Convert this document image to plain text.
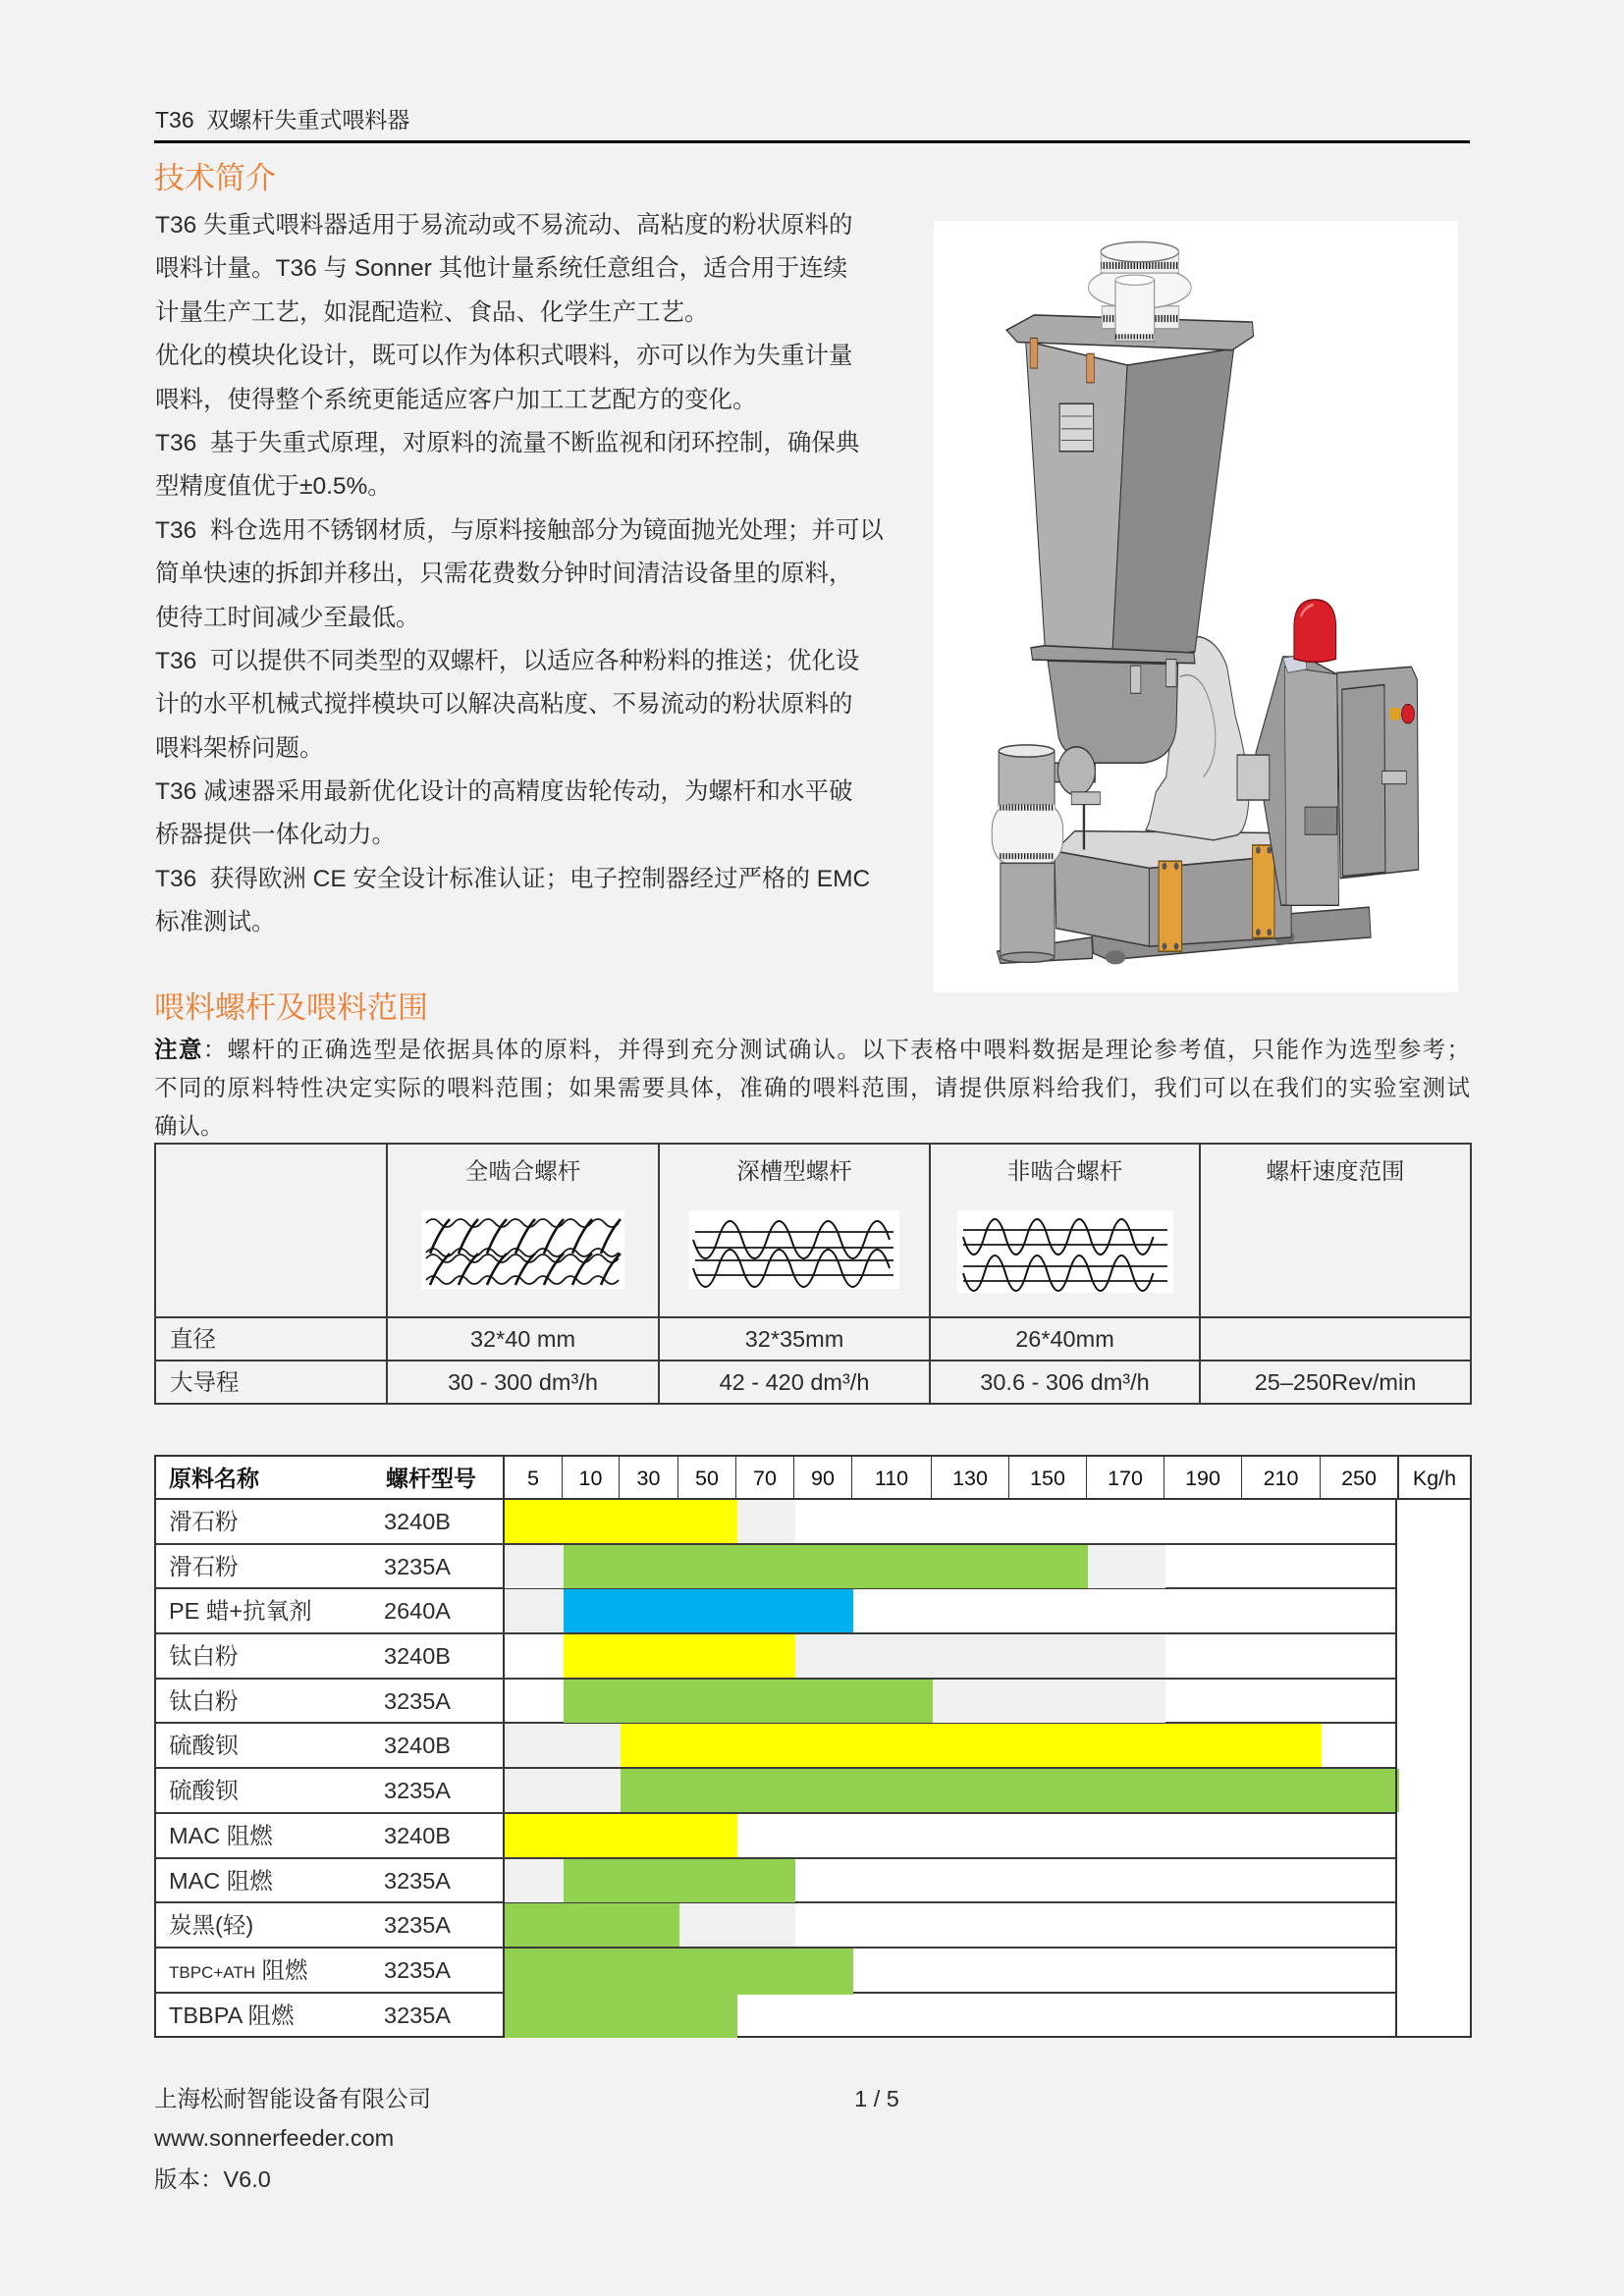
T36  双螺杆失重式喂料器
技术简介
T36 失重式喂料器适用于易流动或不易流动、高粘度的粉状原料的
喂料计量。T36 与 Sonner 其他计量系统任意组合，适合用于连续
计量生产工艺，如混配造粒、食品、化学生产工艺。
优化的模块化设计，既可以作为体积式喂料，亦可以作为失重计量
喂料，使得整个系统更能适应客户加工工艺配方的变化。
T36  基于失重式原理，对原料的流量不断监视和闭环控制，确保典
型精度值优于±0.5%。
T36  料仓选用不锈钢材质，与原料接触部分为镜面抛光处理；并可以
简单快速的拆卸并移出，只需花费数分钟时间清洁设备里的原料，
使待工时间减少至最低。
T36  可以提供不同类型的双螺杆，以适应各种粉料的推送；优化设
计的水平机械式搅拌模块可以解决高粘度、不易流动的粉状原料的
喂料架桥问题。
T36 减速器采用最新优化设计的高精度齿轮传动，为螺杆和水平破
桥器提供一体化动力。
T36  获得欧洲 CE 安全设计标准认证；电子控制器经过严格的 EMC
标准测试。
喂料螺杆及喂料范围
注意：螺杆的正确选型是依据具体的原料，并得到充分测试确认。以下表格中喂料数据是理论参考值，只能作为选型参考；
不同的原料特性决定实际的喂料范围；如果需要具体，准确的喂料范围，请提供原料给我们，我们可以在我们的实验室测试
确认。

	全啮合螺杆	深槽型螺杆	非啮合螺杆	螺杆速度范围

直径	32*40 mm	32*35mm	26*40mm	
大导程	30 - 300 dm³/h	42 - 420 dm³/h	30.6 - 306 dm³/h	25–250Rev/min
原料名称	螺杆型号	5	10	30	50	70	90	110	130	150	170	190	210	250	Kg/h
滑石粉	3240B
滑石粉	3235A
PE 蜡+抗氧剂	2640A
钛白粉	3240B
钛白粉	3235A
硫酸钡	3240B
硫酸钡	3235A
MAC 阻燃	3240B
MAC 阻燃	3235A
炭黑(轻)	3235A
TBPC+ATH 阻燃	3235A
TBBPA 阻燃	3235A
上海松耐智能设备有限公司	1 / 5
www.sonnerfeeder.com
版本：V6.0
